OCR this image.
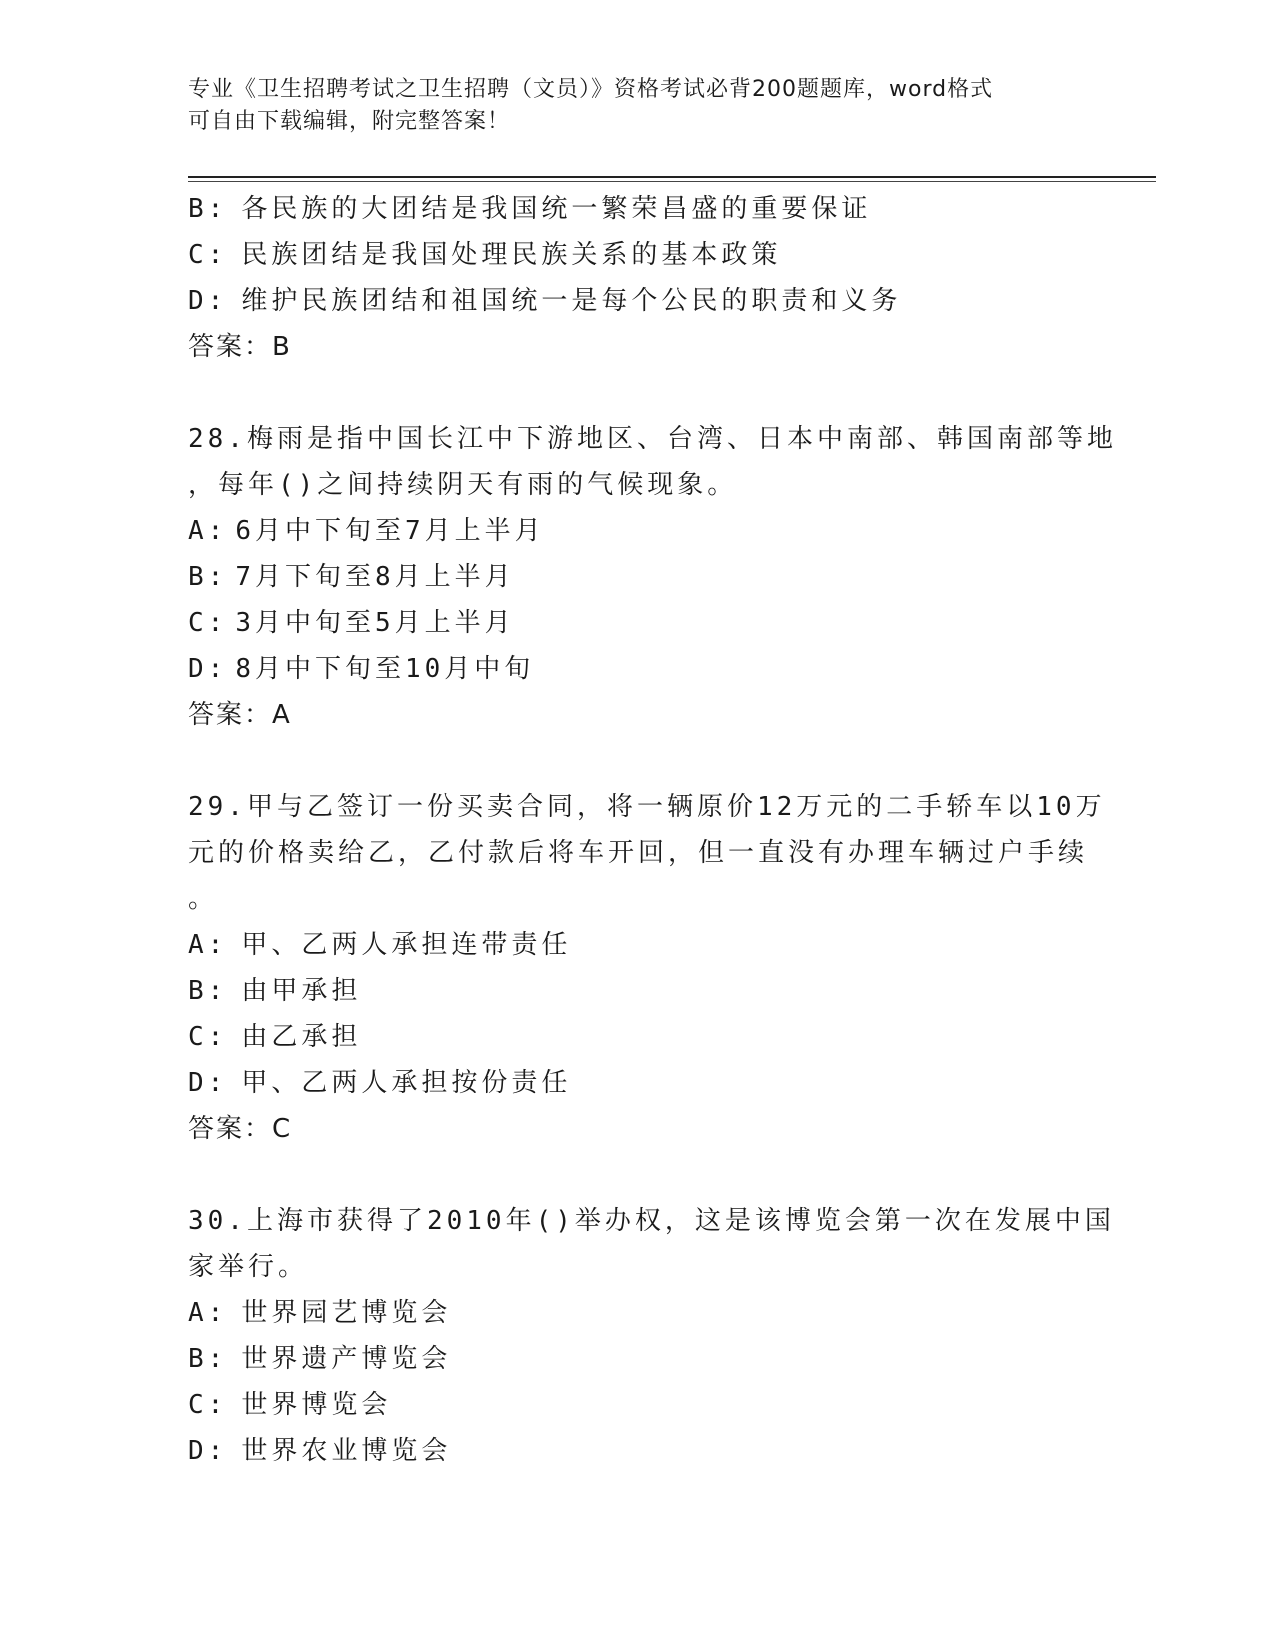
专业《卫生招聘考试之卫生招聘（文员）》资格考试必背200题题库，word格式
可自由下载编辑，附完整答案！
B: 各民族的大团结是我国统一繁荣昌盛的重要保证
C: 民族团结是我国处理民族关系的基本政策
D: 维护民族团结和祖国统一是每个公民的职责和义务
答案：B
28.梅雨是指中国长江中下游地区、台湾、日本中南部、韩国南部等地
，每年()之间持续阴天有雨的气候现象。
A: 6月中下旬至7月上半月
B: 7月下旬至8月上半月
C: 3月中旬至5月上半月
D: 8月中下旬至10月中旬
答案：A
29.甲与乙签订一份买卖合同，将一辆原价12万元的二手轿车以10万
元的价格卖给乙，乙付款后将车开回，但一直没有办理车辆过户手续
。
A: 甲、乙两人承担连带责任
B: 由甲承担
C: 由乙承担
D: 甲、乙两人承担按份责任
答案：C
30.上海市获得了2010年()举办权，这是该博览会第一次在发展中国
家举行。
A: 世界园艺博览会
B: 世界遗产博览会
C: 世界博览会
D: 世界农业博览会
